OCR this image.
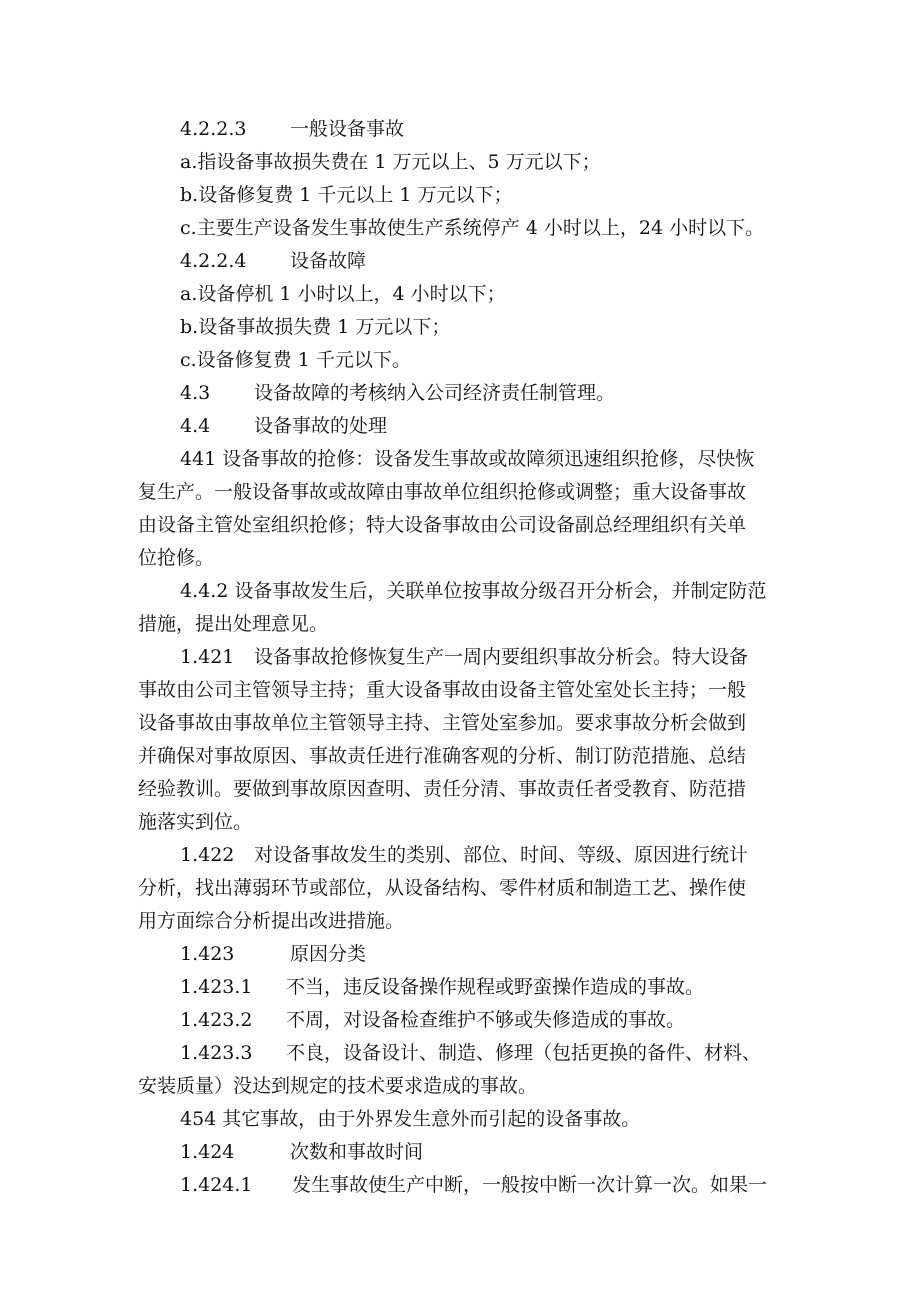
4.2.2.3 一般设备事故
a.指设备事故损失费在 1 万元以上、5 万元以下；
b.设备修复费 1 千元以上 1 万元以下；
c.主要生产设备发生事故使生产系统停产 4 小时以上，24 小时以下。
4.2.2.4 设备故障
a.设备停机 1 小时以上，4 小时以下；
b.设备事故损失费 1 万元以下；
c.设备修复费 1 千元以下。
4.3 设备故障的考核纳入公司经济责任制管理。
4.4 设备事故的处理
441 设备事故的抢修：设备发生事故或故障须迅速组织抢修，尽快恢
复生产。一般设备事故或故障由事故单位组织抢修或调整；重大设备事故
由设备主管处室组织抢修；特大设备事故由公司设备副总经理组织有关单
位抢修。
4.4.2 设备事故发生后，关联单位按事故分级召开分析会，并制定防范
措施，提出处理意见。
1.421 设备事故抢修恢复生产一周内要组织事故分析会。特大设备
事故由公司主管领导主持；重大设备事故由设备主管处室处长主持；一般
设备事故由事故单位主管领导主持、主管处室参加。要求事故分析会做到
并确保对事故原因、事故责任进行准确客观的分析、制订防范措施、总结
经验教训。要做到事故原因查明、责任分清、事故责任者受教育、防范措
施落实到位。
1.422 对设备事故发生的类别、部位、时间、等级、原因进行统计
分析，找出薄弱环节或部位，从设备结构、零件材质和制造工艺、操作使
用方面综合分析提出改进措施。
1.423	原因分类
1.423.1 不当，违反设备操作规程或野蛮操作造成的事故。
1.423.2 不周，对设备检查维护不够或失修造成的事故。
1.423.3 不良，设备设计、制造、修理（包括更换的备件、材料、
安装质量）没达到规定的技术要求造成的事故。
454 其它事故，由于外界发生意外而引起的设备事故。
1.424	次数和事故时间
1.424.1 发生事故使生产中断，一般按中断一次计算一次。如果一
